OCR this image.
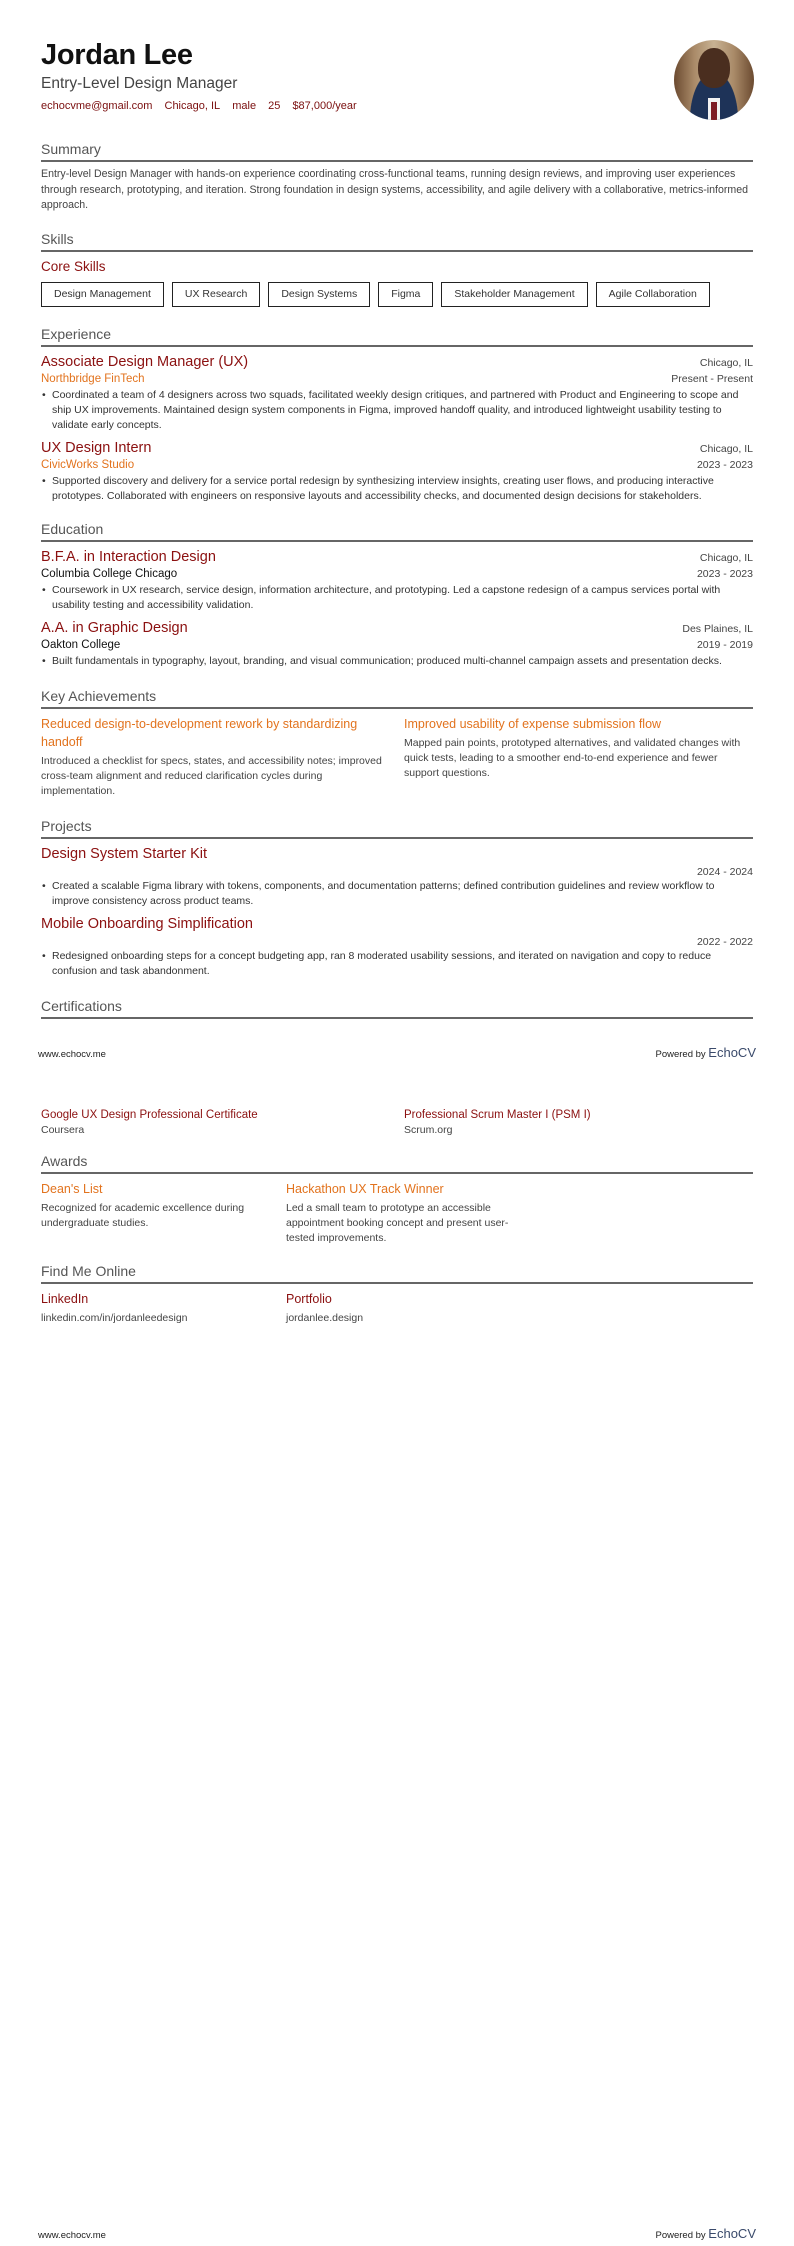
Jordan Lee
Entry-Level Design Manager
echocvme@gmail.com Chicago, IL male 25 $87,000/year
Summary
Entry-level Design Manager with hands-on experience coordinating cross-functional teams, running design reviews, and improving user experiences through research, prototyping, and iteration. Strong foundation in design systems, accessibility, and agile delivery with a collaborative, metrics-informed approach.
Skills
Core Skills
Design Management	UX Research	Design Systems	Figma	Stakeholder Management	Agile Collaboration
Experience
Associate Design Manager (UX)	Chicago, IL
Northbridge FinTech	Present - Present
• Coordinated a team of 4 designers across two squads, facilitated weekly design critiques, and partnered with Product and Engineering to scope and ship UX improvements. Maintained design system components in Figma, improved handoff quality, and introduced lightweight usability testing to validate early concepts.
UX Design Intern	Chicago, IL
CivicWorks Studio	2023 - 2023
• Supported discovery and delivery for a service portal redesign by synthesizing interview insights, creating user flows, and producing interactive prototypes. Collaborated with engineers on responsive layouts and accessibility checks, and documented design decisions for stakeholders.
Education
B.F.A. in Interaction Design	Chicago, IL
Columbia College Chicago	2023 - 2023
• Coursework in UX research, service design, information architecture, and prototyping. Led a capstone redesign of a campus services portal with usability testing and accessibility validation.
A.A. in Graphic Design	Des Plaines, IL
Oakton College	2019 - 2019
• Built fundamentals in typography, layout, branding, and visual communication; produced multi-channel campaign assets and presentation decks.
Key Achievements
Reduced design-to-development rework by standardizing handoff
Introduced a checklist for specs, states, and accessibility notes; improved cross-team alignment and reduced clarification cycles during implementation.
Improved usability of expense submission flow
Mapped pain points, prototyped alternatives, and validated changes with quick tests, leading to a smoother end-to-end experience and fewer support questions.
Projects
Design System Starter Kit
2024 - 2024
• Created a scalable Figma library with tokens, components, and documentation patterns; defined contribution guidelines and review workflow to improve consistency across product teams.
Mobile Onboarding Simplification
2022 - 2022
• Redesigned onboarding steps for a concept budgeting app, ran 8 moderated usability sessions, and iterated on navigation and copy to reduce confusion and task abandonment.
Certifications
www.echocv.me	Powered by EchoCV
Google UX Design Professional Certificate
Coursera
Professional Scrum Master I (PSM I)
Scrum.org
Awards
Dean's List
Recognized for academic excellence during undergraduate studies.
Hackathon UX Track Winner
Led a small team to prototype an accessible appointment booking concept and present user-tested improvements.
Find Me Online
LinkedIn
linkedin.com/in/jordanleedesign
Portfolio
jordanlee.design
www.echocv.me	Powered by EchoCV
